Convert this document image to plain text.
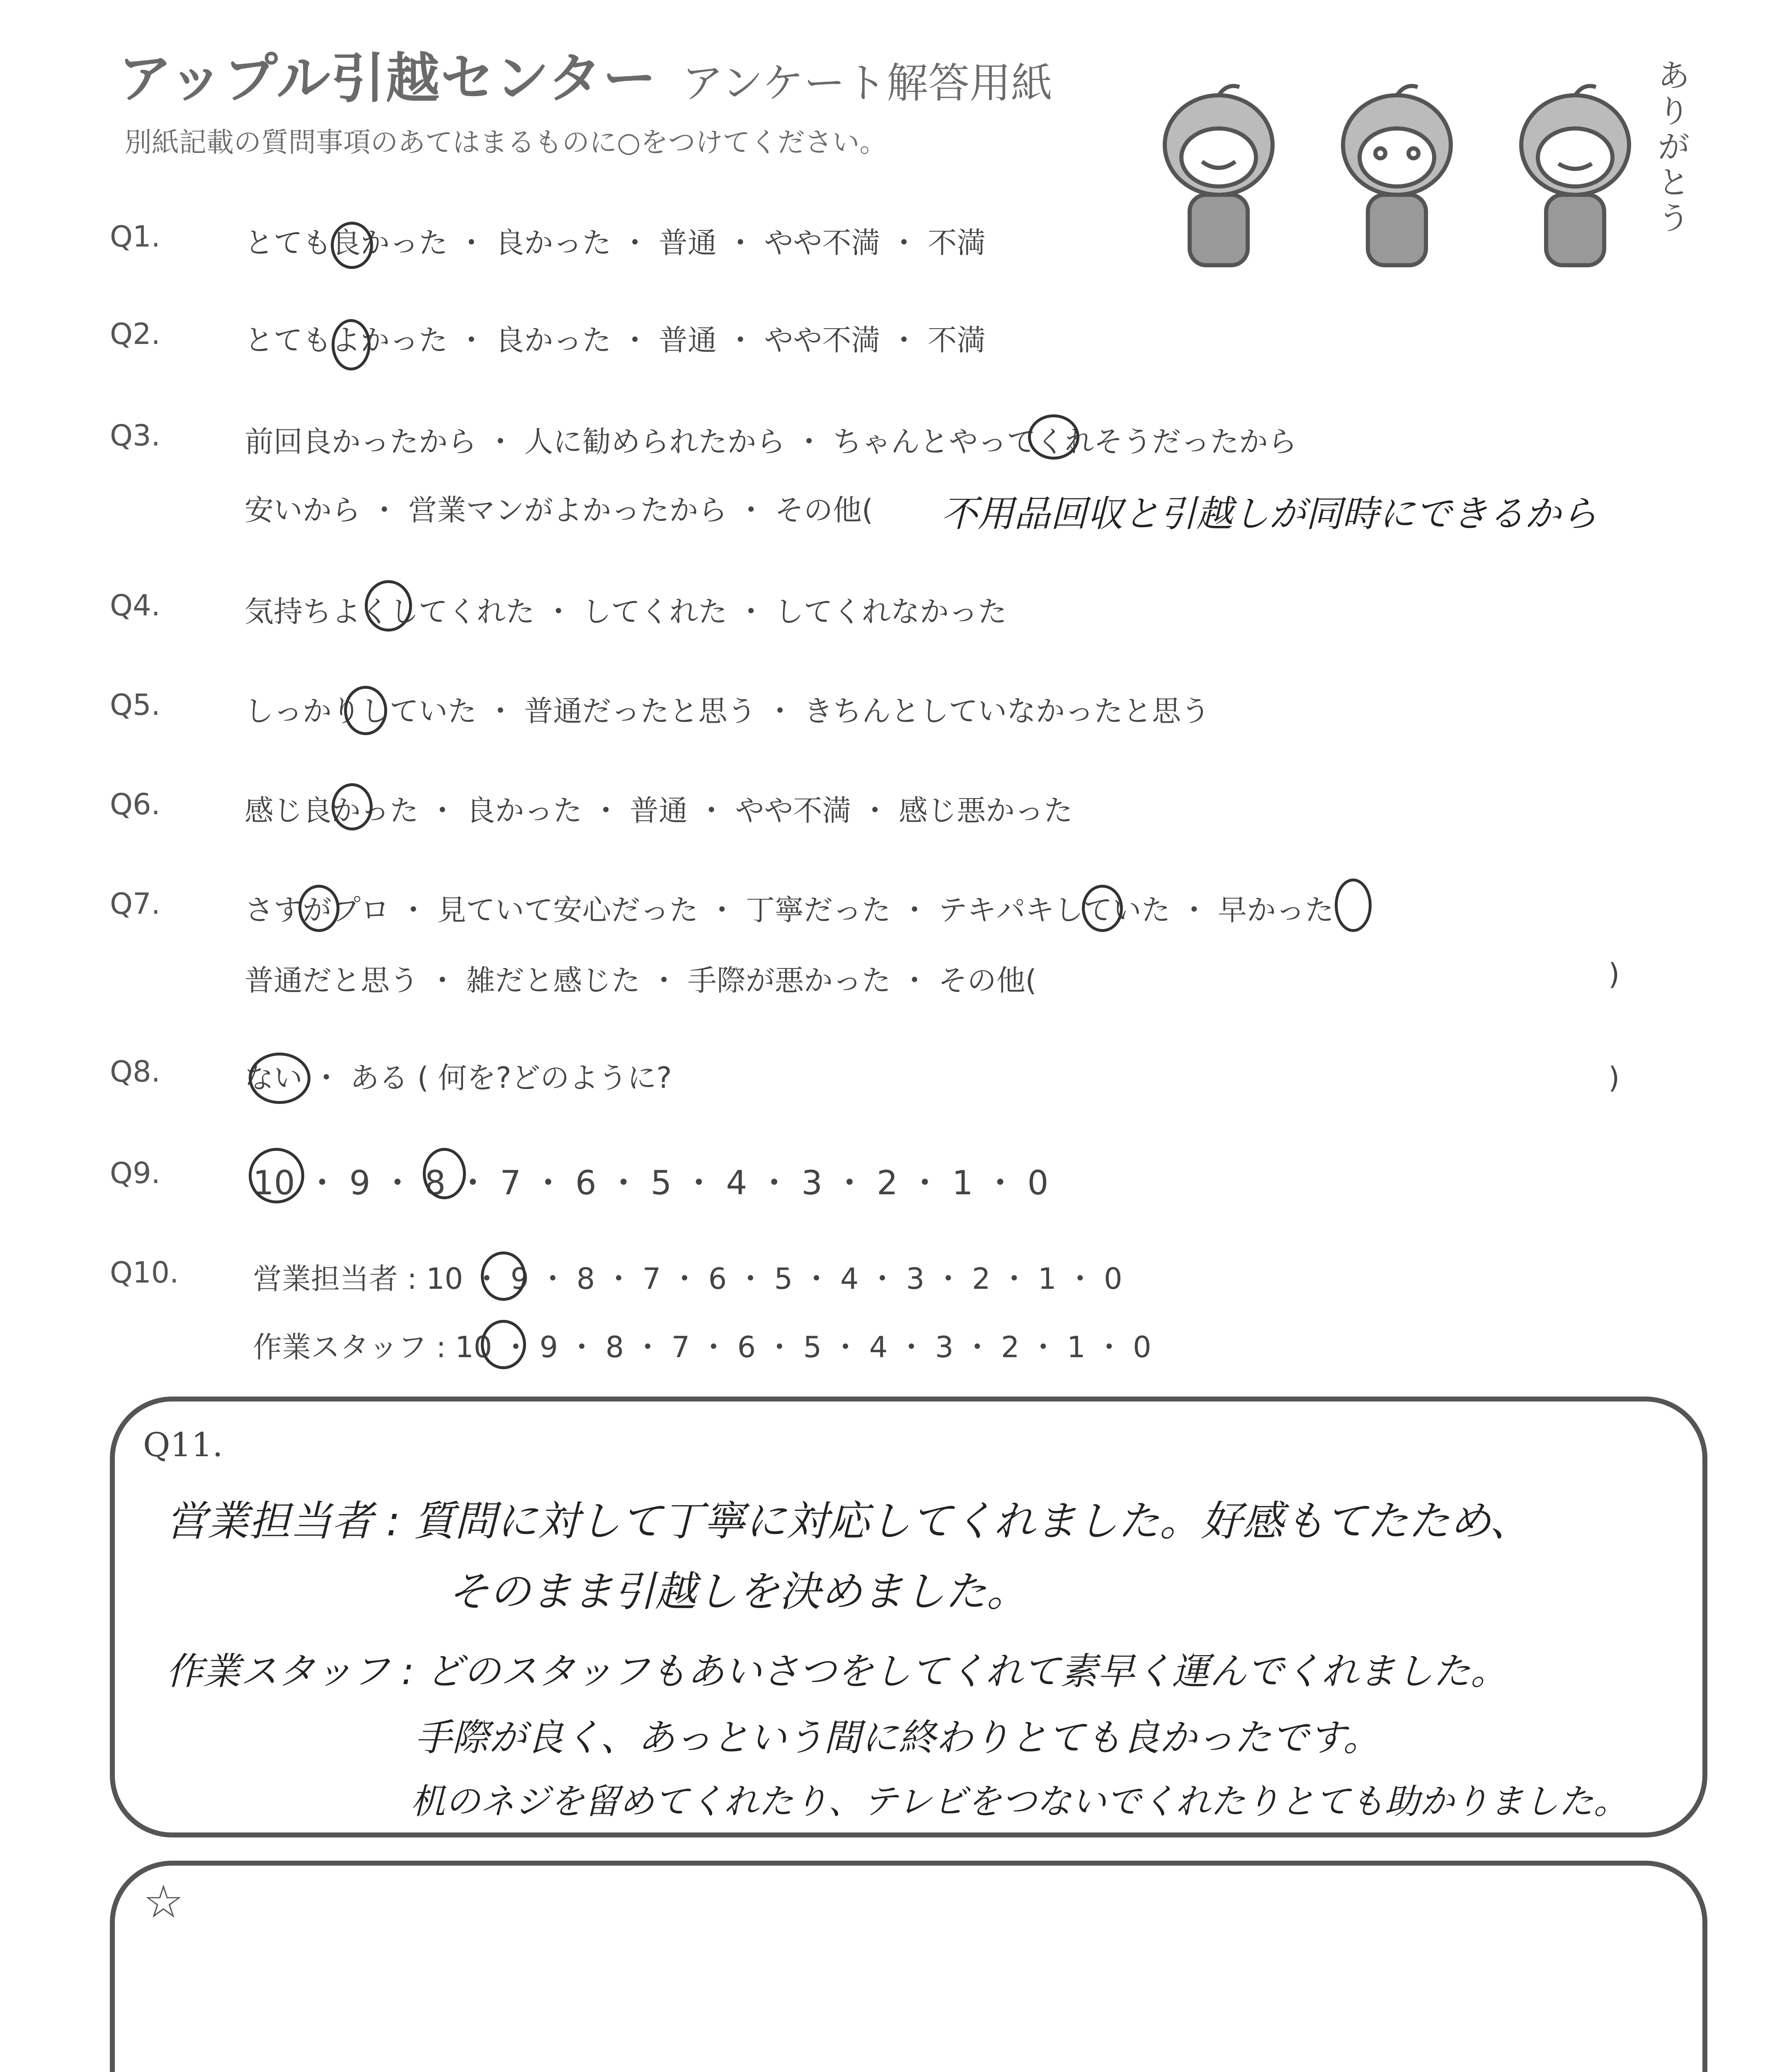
アップル引越センター アンケート解答用紙
別紙記載の質問事項のあてはまるものに○をつけてください。
ありがとう
Q1.	とても良かった ・ 良かった ・ 普通 ・ やや不満 ・ 不満
Q2.	とてもよかった ・ 良かった ・ 普通 ・ やや不満 ・ 不満
Q3.	前回良かったから ・ 人に勧められたから ・ ちゃんとやってくれそうだったから
安いから ・ 営業マンがよかったから ・ その他( 不用品回収と引越しが同時にできるから
Q4.	気持ちよくしてくれた ・ してくれた ・ してくれなかった
Q5.	しっかりしていた ・ 普通だったと思う ・ きちんとしていなかったと思う
Q6.	感じ良かった ・ 良かった ・ 普通 ・ やや不満 ・ 感じ悪かった
Q7.	さすがプロ ・ 見ていて安心だった ・ 丁寧だった ・ テキパキしていた ・ 早かった
普通だと思う ・ 雑だと感じた ・ 手際が悪かった ・ その他(	)
Q8.	ない ・ ある ( 何を?どのように?	)
Q9.	10 ・ 9 ・ 8 ・ 7 ・ 6 ・ 5 ・ 4 ・ 3 ・ 2 ・ 1 ・ 0
Q10.	営業担当者 : 10 ・ 9 ・ 8 ・ 7 ・ 6 ・ 5 ・ 4 ・ 3 ・ 2 ・ 1 ・ 0
作業スタッフ : 10 ・ 9 ・ 8 ・ 7 ・ 6 ・ 5 ・ 4 ・ 3 ・ 2 ・ 1 ・ 0
Q11.
営業担当者 : 質問に対して丁寧に対応してくれました。好感もてたため、
そのまま引越しを決めました。
作業スタッフ : どのスタッフもあいさつをしてくれて素早く運んでくれました。
手際が良く、あっという間に終わりとても良かったです。
机のネジを留めてくれたり、テレビをつないでくれたりとても助かりました。
☆
